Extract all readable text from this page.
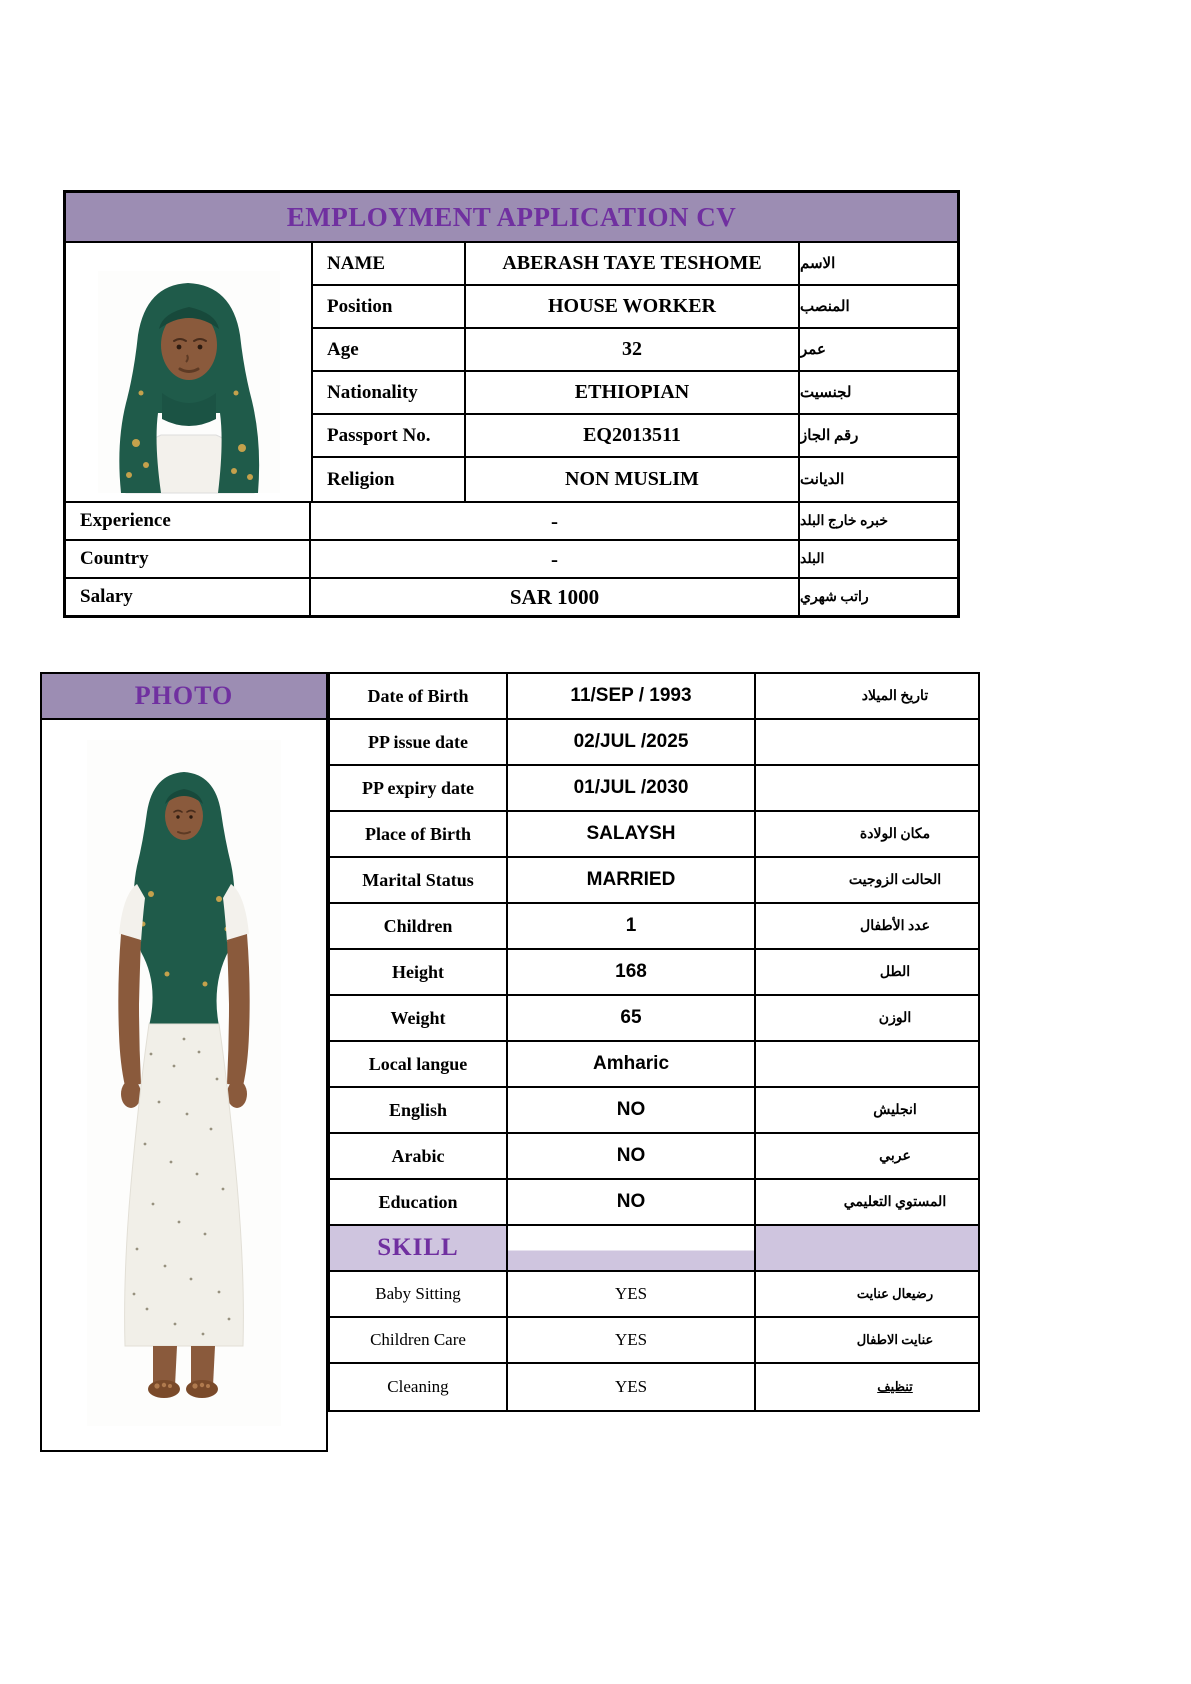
EMPLOYMENT APPLICATION CV
NAME	ABERASH TAYE TESHOME	الاسم
Position	HOUSE WORKER	المنصب
Age	32	عمر
Nationality	ETHIOPIAN	لجنسيت
Passport No.	EQ2013511	رقم الجاز
Religion	NON MUSLIM	الديانت
Experience	-	خبره خارج البلد
Country	-	البلد
Salary	SAR 1000	راتب شهري
PHOTO	Date of Birth	11/SEP / 1993	تاريخ الميلاد
PP issue date	02/JUL /2025
PP expiry date	01/JUL /2030
Place of Birth	SALAYSH	مكان الولادة
Marital Status	MARRIED	الحالت الزوجيت
Children	1	عدد الأطفال
Height	168	الطل
Weight	65	الوزن
Local langue	Amharic
English	NO	انجليش
Arabic	NO	عربي
Education	NO	المستوي التعليمي
SKILL
Baby Sitting	YES	رضيعال عنايت
Children Care	YES	عنايت الاطفال
Cleaning	YES	تنظيف
